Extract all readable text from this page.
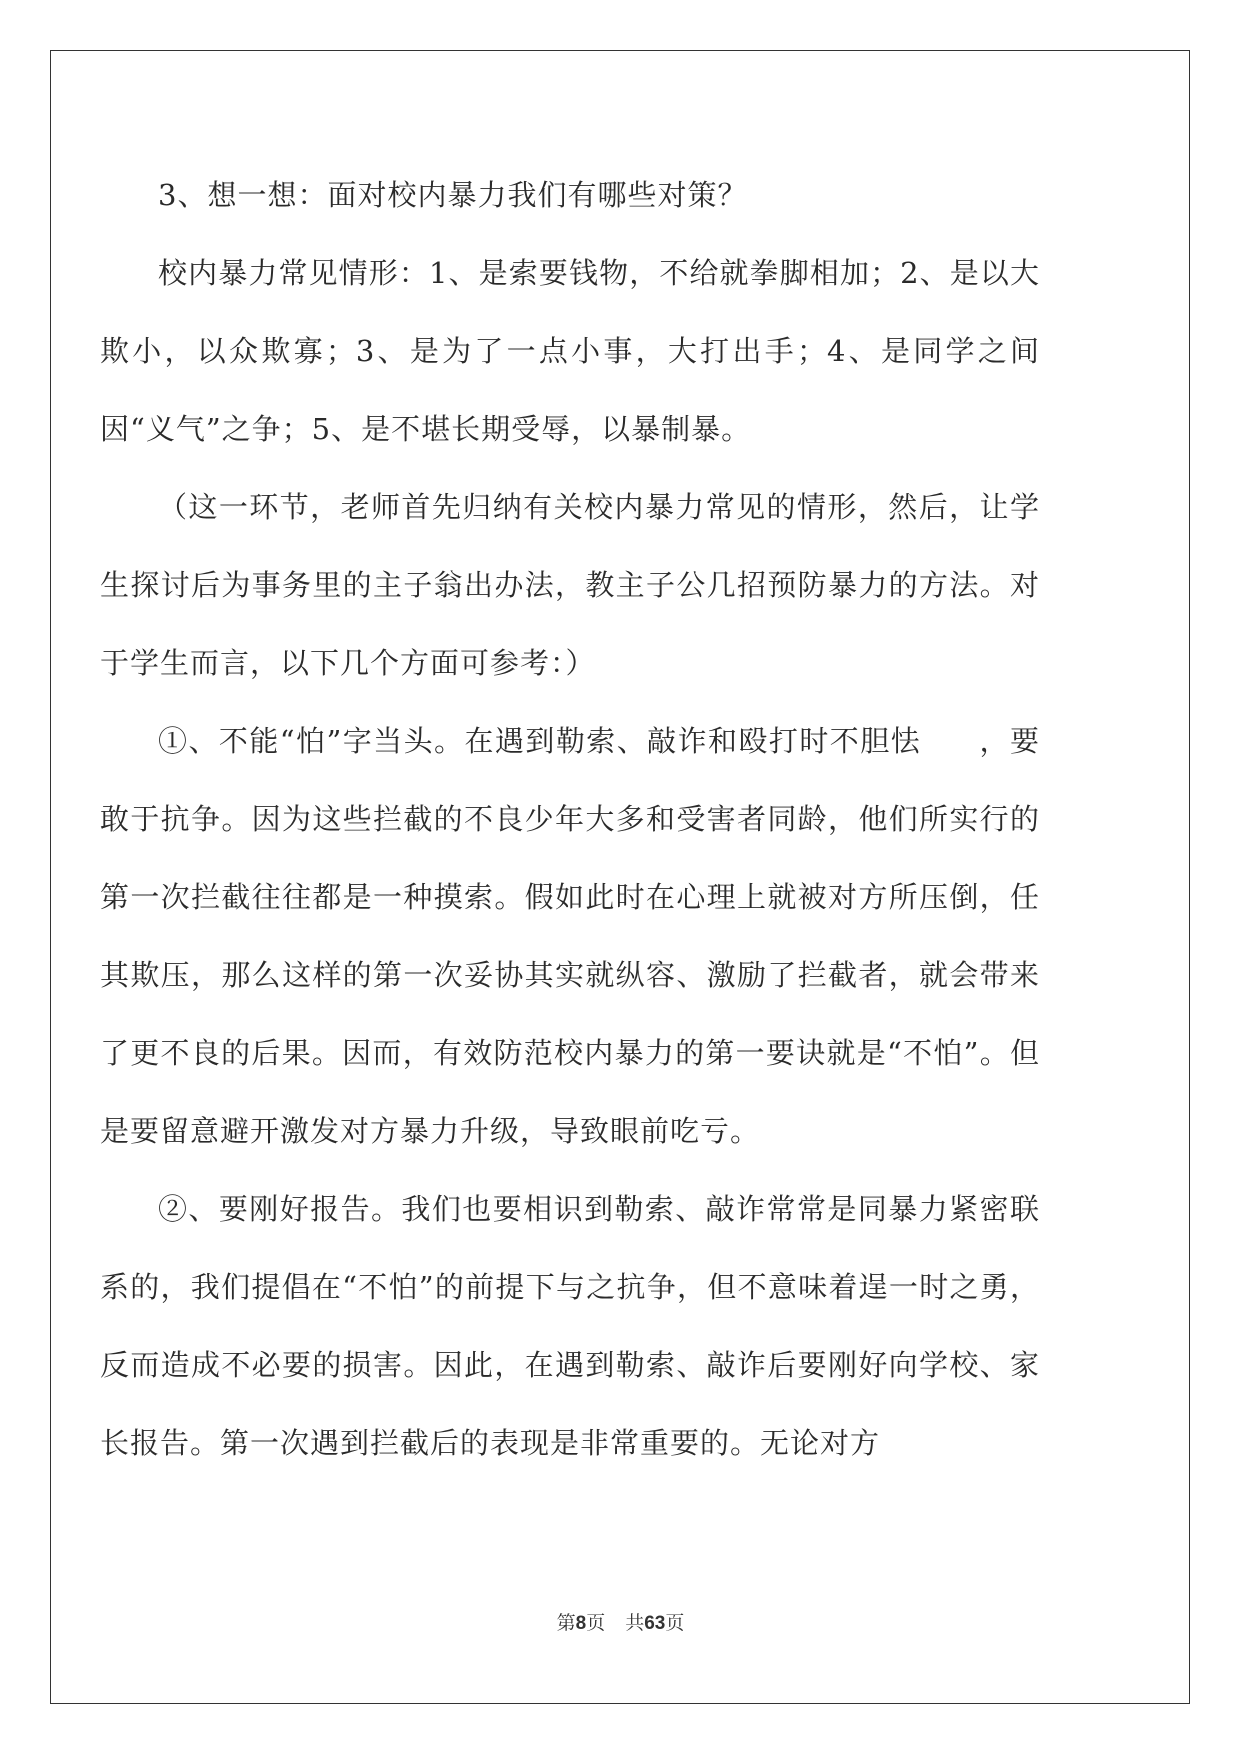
3、想一想：面对校内暴力我们有哪些对策？

校内暴力常见情形：1、是索要钱物，不给就拳脚相加；2、是以大欺小，以众欺寡；3、是为了一点小事，大打出手；4、是同学之间因“义气”之争；5、是不堪长期受辱，以暴制暴。

（这一环节，老师首先归纳有关校内暴力常见的情形，然后，让学生探讨后为事务里的主子翁出办法，教主子公几招预防暴力的方法。对于学生而言，以下几个方面可参考：）

①、不能“怕”字当头。在遇到勒索、敲诈和殴打时不胆怯 ，要敢于抗争。因为这些拦截的不良少年大多和受害者同龄，他们所实行的第一次拦截往往都是一种摸索。假如此时在心理上就被对方所压倒，任其欺压，那么这样的第一次妥协其实就纵容、激励了拦截者，就会带来了更不良的后果。因而，有效防范校内暴力的第一要诀就是“不怕”。但是要留意避开激发对方暴力升级，导致眼前吃亏。

②、要刚好报告。我们也要相识到勒索、敲诈常常是同暴力紧密联系的，我们提倡在“不怕”的前提下与之抗争，但不意味着逞一时之勇，反而造成不必要的损害。因此，在遇到勒索、敲诈后要刚好向学校、家长报告。第一次遇到拦截后的表现是非常重要的。无论对方

第8页 共63页
